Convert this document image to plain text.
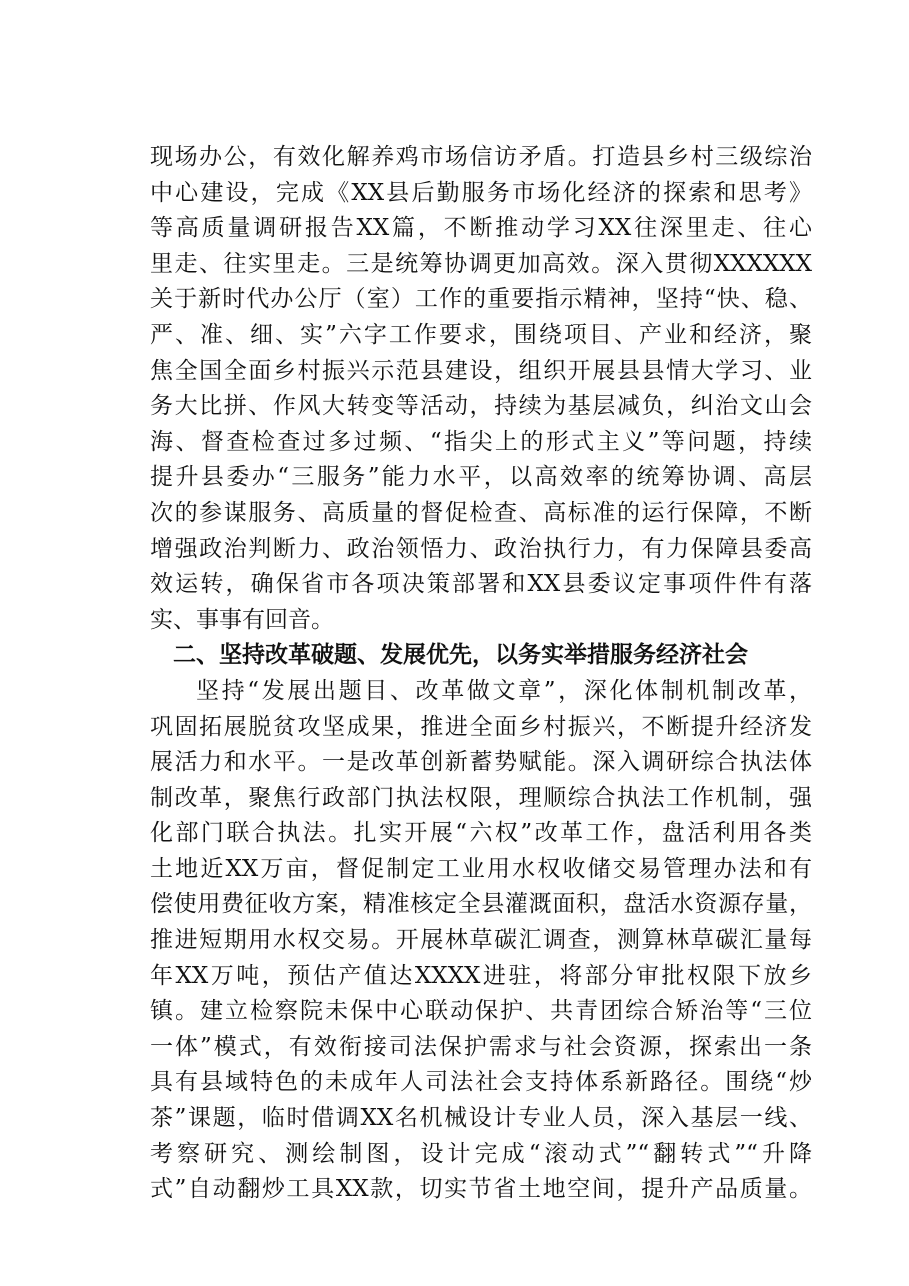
现场办公，有效化解养鸡市场信访矛盾。打造县乡村三级综治
中心建设，完成《XX县后勤服务市场化经济的探索和思考》
等高质量调研报告XX篇，不断推动学习XX往深里走、往心
里走、往实里走。三是统筹协调更加高效。深入贯彻XXXXXX
关于新时代办公厅（室）工作的重要指示精神，坚持“快、稳、
严、准、细、实”六字工作要求，围绕项目、产业和经济，聚
焦全国全面乡村振兴示范县建设，组织开展县县情大学习、业
务大比拼、作风大转变等活动，持续为基层减负，纠治文山会
海、督查检查过多过频、“指尖上的形式主义”等问题，持续
提升县委办“三服务”能力水平，以高效率的统筹协调、高层
次的参谋服务、高质量的督促检查、高标准的运行保障，不断
增强政治判断力、政治领悟力、政治执行力，有力保障县委高
效运转，确保省市各项决策部署和XX县委议定事项件件有落
实、事事有回音。
二、坚持改革破题、发展优先，以务实举措服务经济社会
坚持“发展出题目、改革做文章”，深化体制机制改革，
巩固拓展脱贫攻坚成果，推进全面乡村振兴，不断提升经济发
展活力和水平。一是改革创新蓄势赋能。深入调研综合执法体
制改革，聚焦行政部门执法权限，理顺综合执法工作机制，强
化部门联合执法。扎实开展“六权”改革工作，盘活利用各类
土地近XX万亩，督促制定工业用水权收储交易管理办法和有
偿使用费征收方案，精准核定全县灌溉面积，盘活水资源存量，
推进短期用水权交易。开展林草碳汇调查，测算林草碳汇量每
年XX万吨，预估产值达XXXX进驻，将部分审批权限下放乡
镇。建立检察院未保中心联动保护、共青团综合矫治等“三位
一体”模式，有效衔接司法保护需求与社会资源，探索出一条
具有县域特色的未成年人司法社会支持体系新路径。围绕“炒
茶”课题，临时借调XX名机械设计专业人员，深入基层一线、
考察研究、测绘制图，设计完成“滚动式”“翻转式”“升降
式”自动翻炒工具XX款，切实节省土地空间，提升产品质量。
